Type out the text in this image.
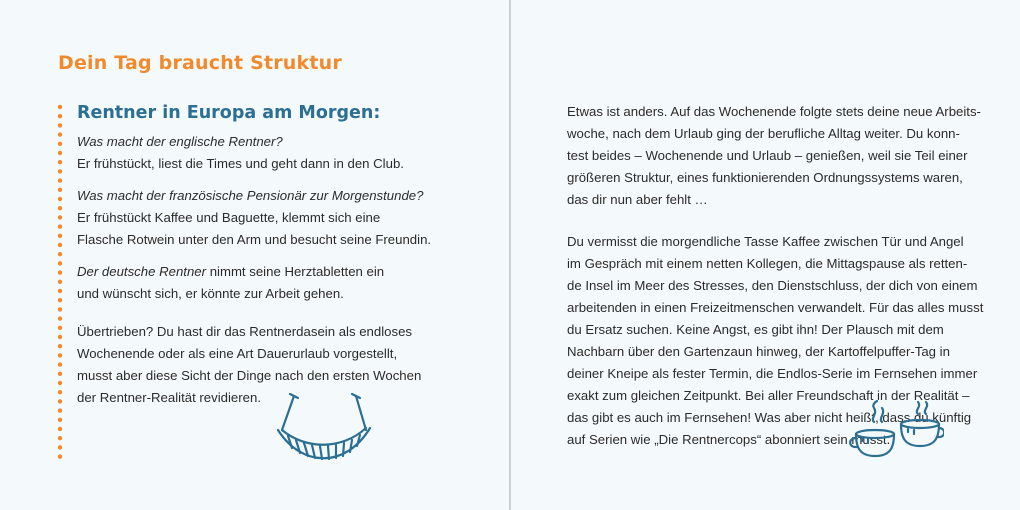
Dein Tag braucht Struktur
Rentner in Europa am Morgen:

Was macht der englische Rentner?
Er frühstückt, liest die Times und geht dann in den Club.

Was macht der französische Pensionär zur Morgenstunde?
Er frühstückt Kaffee und Baguette, klemmt sich eine
Flasche Rotwein unter den Arm und besucht seine Freundin.

Der deutsche Rentner nimmt seine Herztabletten ein
und wünscht sich, er könnte zur Arbeit gehen.

Übertrieben? Du hast dir das Rentnerdasein als endloses
Wochenende oder als eine Art Dauerurlaub vorgestellt,
musst aber diese Sicht der Dinge nach den ersten Wochen
der Rentner-Realität revidieren.

Etwas ist anders. Auf das Wochenende folgte stets deine neue Arbeits-
woche, nach dem Urlaub ging der berufliche Alltag weiter. Du konn-
test beides – Wochenende und Urlaub – genießen, weil sie Teil einer
größeren Struktur, eines funktionierenden Ordnungssystems waren,
das dir nun aber fehlt …

Du vermisst die morgendliche Tasse Kaffee zwischen Tür und Angel
im Gespräch mit einem netten Kollegen, die Mittagspause als retten-
de Insel im Meer des Stresses, den Dienstschluss, der dich von einem
arbeitenden in einen Freizeitmenschen verwandelt. Für das alles musst
du Ersatz suchen. Keine Angst, es gibt ihn! Der Plausch mit dem
Nachbarn über den Gartenzaun hinweg, der Kartoffelpuffer-Tag in
deiner Kneipe als fester Termin, die Endlos-Serie im Fernsehen immer
exakt zum gleichen Zeitpunkt. Bei aller Freundschaft in der Realität –
das gibt es auch im Fernsehen! Was aber nicht heißt, dass du künftig
auf Serien wie „Die Rentnercops“ abonniert sein musst.
